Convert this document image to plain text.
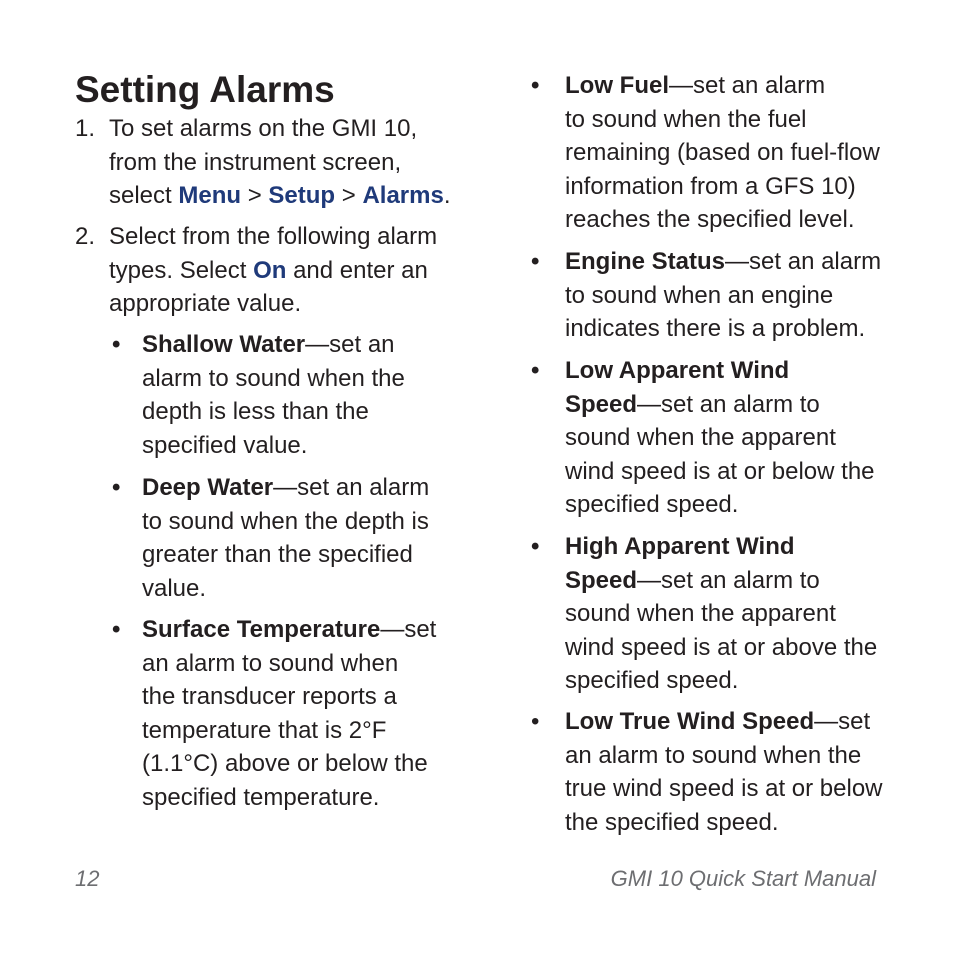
Setting Alarms
1. To set alarms on the GMI 10,
from the instrument screen,
select Menu > Setup > Alarms.
2. Select from the following alarm
types. Select On and enter an
appropriate value.
• Shallow Water—set an
alarm to sound when the
depth is less than the
specified value.
• Deep Water—set an alarm
to sound when the depth is
greater than the specified
value.
• Surface Temperature—set
an alarm to sound when
the transducer reports a
temperature that is 2°F
(1.1°C) above or below the
specified temperature.
• Low Fuel—set an alarm
to sound when the fuel
remaining (based on fuel-flow
information from a GFS 10)
reaches the specified level.
• Engine Status—set an alarm
to sound when an engine
indicates there is a problem.
• Low Apparent Wind
Speed—set an alarm to
sound when the apparent
wind speed is at or below the
specified speed.
• High Apparent Wind
Speed—set an alarm to
sound when the apparent
wind speed is at or above the
specified speed.
• Low True Wind Speed—set
an alarm to sound when the
true wind speed is at or below
the specified speed.
12	GMI 10 Quick Start Manual
